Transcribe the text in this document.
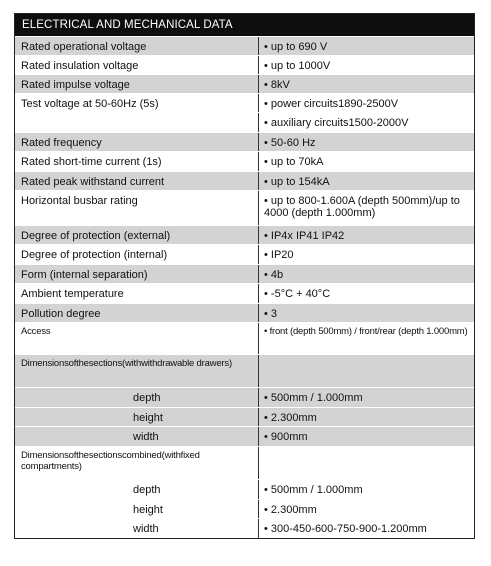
ELECTRICAL AND MECHANICAL DATA
Rated operational voltage	• up to 690 V
Rated insulation voltage	• up to 1000V
Rated impulse voltage	• 8kV
Test voltage at 50-60Hz (5s)	• power circuits1890-2500V
• auxiliary circuits1500-2000V
Rated frequency	• 50-60 Hz
Rated short-time current (1s)	• up to 70kA
Rated peak withstand current	• up to 154kA
Horizontal busbar rating	• up to 800-1.600A (depth 500mm)/up to 4000 (depth 1.000mm)
Degree of protection (external)	• IP4x IP41 IP42
Degree of protection (internal)	• IP20
Form (internal separation)	• 4b
Ambient temperature	• -5°C + 40°C
Pollution degree	• 3
Access	• front (depth 500mm) / front/rear (depth 1.000mm)
Dimensionsofthesections(withwithdrawable drawers)
depth	• 500mm / 1.000mm
height	• 2.300mm
width	• 900mm
Dimensionsofthesectionscombined(withfixed compartments)
depth	• 500mm / 1.000mm
height	• 2.300mm
width	• 300-450-600-750-900-1.200mm
